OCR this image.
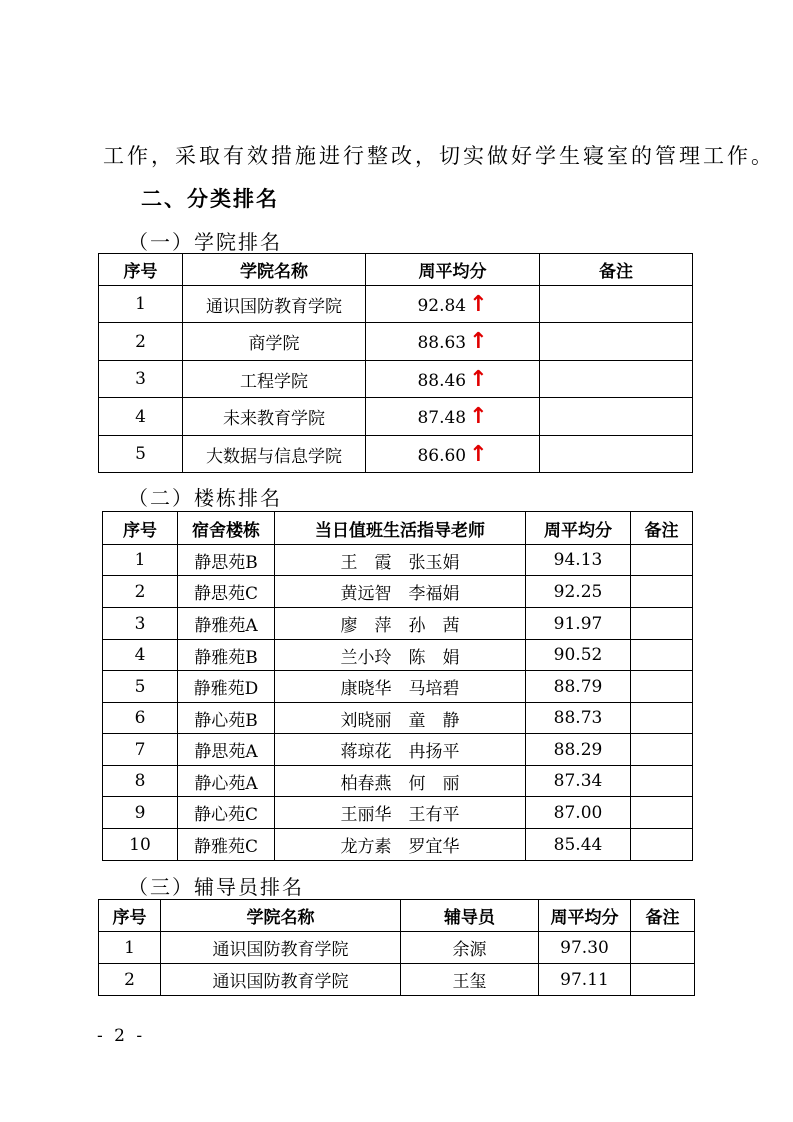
工作，采取有效措施进行整改，切实做好学生寝室的管理工作。
二、分类排名
（一）学院排名
序号	学院名称	周平均分	备注
1	通识国防教育学院	92.84 ↑	
2	商学院	88.63 ↑	
3	工程学院	88.46 ↑	
4	未来教育学院	87.48 ↑	
5	大数据与信息学院	86.60 ↑	
（二）楼栋排名
序号	宿舍楼栋	当日值班生活指导老师	周平均分	备注
1	静思苑B	王　霞　张玉娟	94.13	
2	静思苑C	黄远智　李福娟	92.25	
3	静雅苑A	廖　萍　孙　茜	91.97	
4	静雅苑B	兰小玲　陈　娟	90.52	
5	静雅苑D	康晓华　马培碧	88.79	
6	静心苑B	刘晓丽　童　静	88.73	
7	静思苑A	蒋琼花　冉扬平	88.29	
8	静心苑A	柏春燕　何　丽	87.34	
9	静心苑C	王丽华　王有平	87.00	
10	静雅苑C	龙方素　罗宜华	85.44	
（三）辅导员排名
序号	学院名称	辅导员	周平均分	备注
1	通识国防教育学院	余源	97.30	
2	通识国防教育学院	王玺	97.11	
- 2 -
